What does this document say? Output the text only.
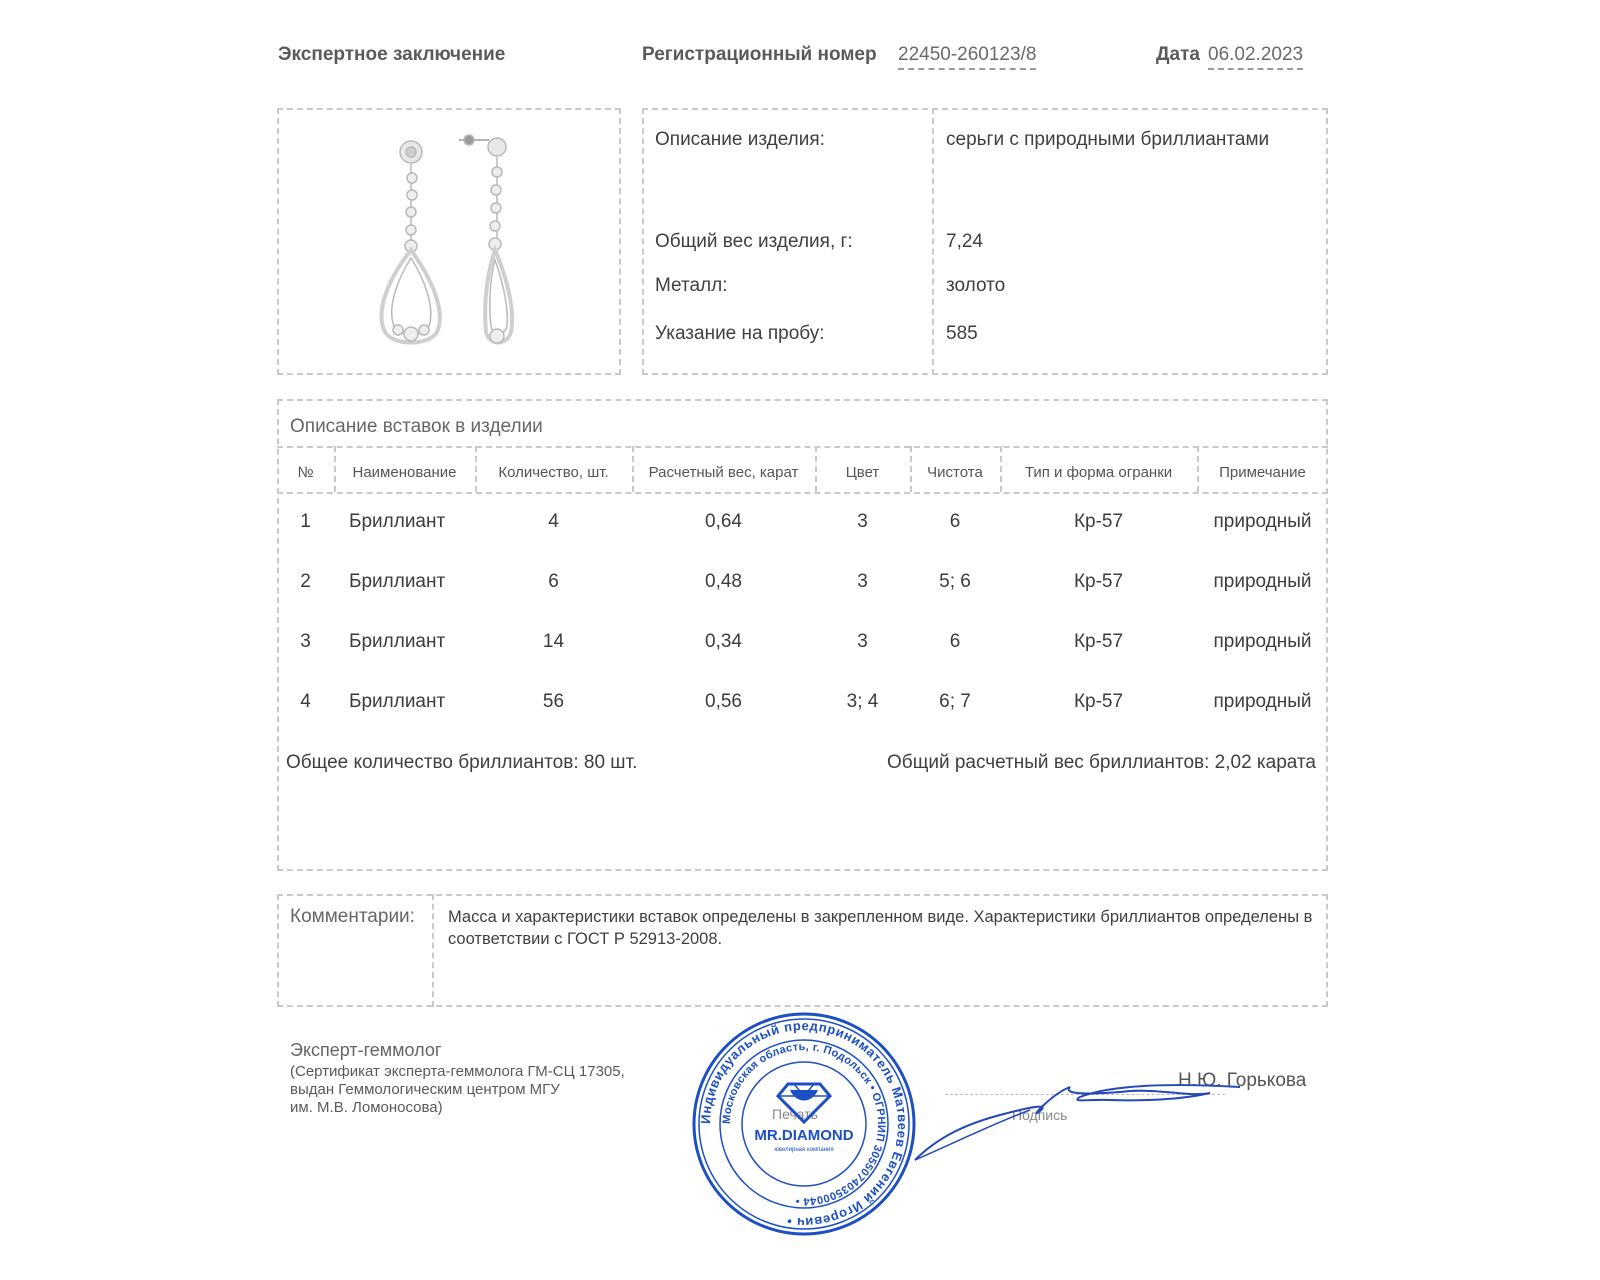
Экспертное заключение	Регистрационный номер 22450-260123/8	Дата 06.02.2023
Описание изделия:	серьги с природными бриллиантами
Общий вес изделия, г:	7,24
Металл:	золото
Указание на пробу:	585
Описание вставок в изделии
№	Наименование	Количество, шт.	Расчетный вес, карат	Цвет	Чистота	Тип и форма огранки	Примечание
1	Бриллиант	4	0,64	3	6	Кр-57	природный
2	Бриллиант	6	0,48	3	5; 6	Кр-57	природный
3	Бриллиант	14	0,34	3	6	Кр-57	природный
4	Бриллиант	56	0,56	3; 4	6; 7	Кр-57	природный
Общее количество бриллиантов: 80 шт.	Общий расчетный вес бриллиантов: 2,02 карата
Комментарии: Масса и характеристики вставок определены в закрепленном виде. Характеристики бриллиантов определены в соответствии с ГОСТ Р 52913-2008.
Эксперт-геммолог
(Сертификат эксперта-геммолога ГМ-СЦ 17305,
выдан Геммологическим центром МГУ
им. М.В. Ломоносова)	Печать	Подпись
Н.Ю. Горькова
Индивидуальный предприниматель Матвеев Евгений Игоревич •
Московская область, г. Подольск • ОГРНИП 305507403500044 •
MR.DIAMOND
ювелирная компания
